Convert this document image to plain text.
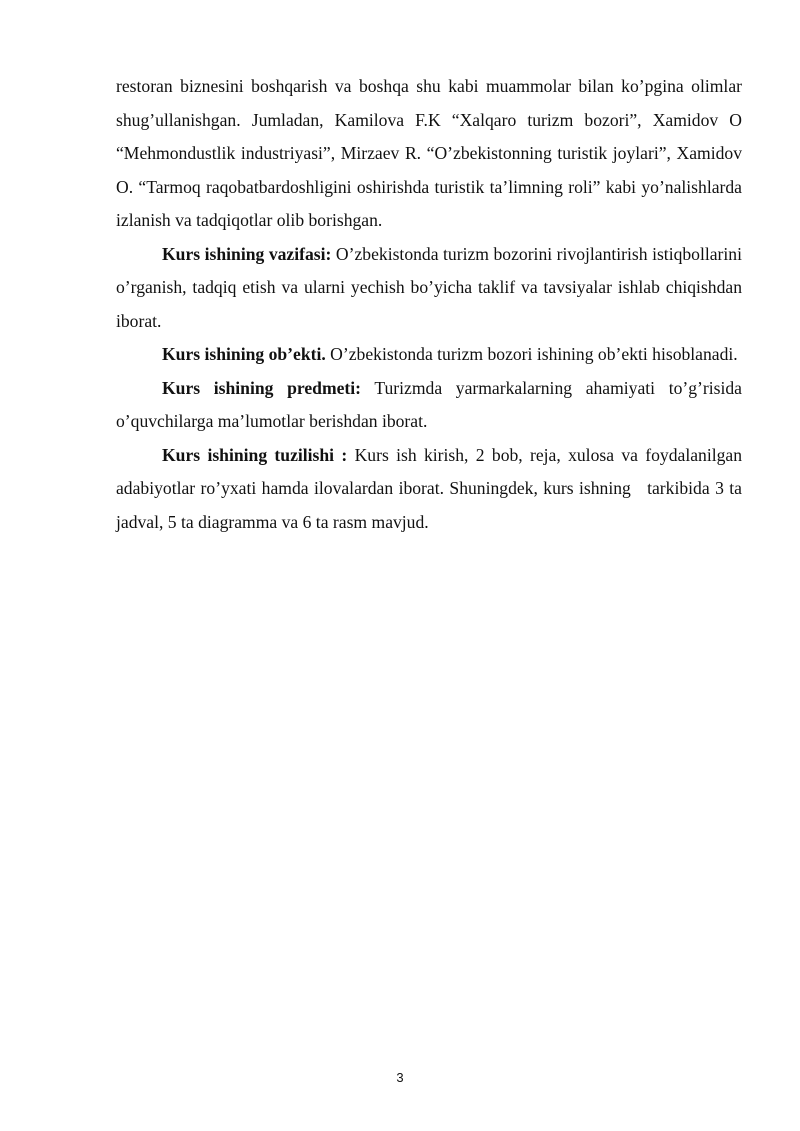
restoran biznesini boshqarish va boshqa shu kabi muammolar bilan ko’pgina olimlar shug’ullanishgan. Jumladan, Kamilova F.K “Xalqaro turizm bozori”, Xamidov O “Mehmondustlik industriyasi”, Mirzaev R. “O’zbekistonning turistik joylari”, Xamidov O. “Tarmoq raqobatbardoshligini oshirishda turistik ta’limning roli” kabi yo’nalishlarda izlanish va tadqiqotlar olib borishgan.

Kurs ishining vazifasi: O’zbekistonda turizm bozorini rivojlantirish istiqbollarini o’rganish, tadqiq etish va ularni yechish bo’yicha taklif va tavsiyalar ishlab chiqishdan iborat.

Kurs ishining ob’ekti. O’zbekistonda turizm bozori ishining ob’ekti hisoblanadi.

Kurs ishining predmeti: Turizmda yarmarkalarning ahamiyati to’g’risida o’quvchilarga ma’lumotlar berishdan iborat.

Kurs ishining tuzilishi : Kurs ish kirish, 2 bob, reja, xulosa va foydalanilgan adabiyotlar ro’yxati hamda ilovalardan iborat. Shuningdek, kurs ishning   tarkibida 3 ta jadval, 5 ta diagramma va 6 ta rasm mavjud.

3
